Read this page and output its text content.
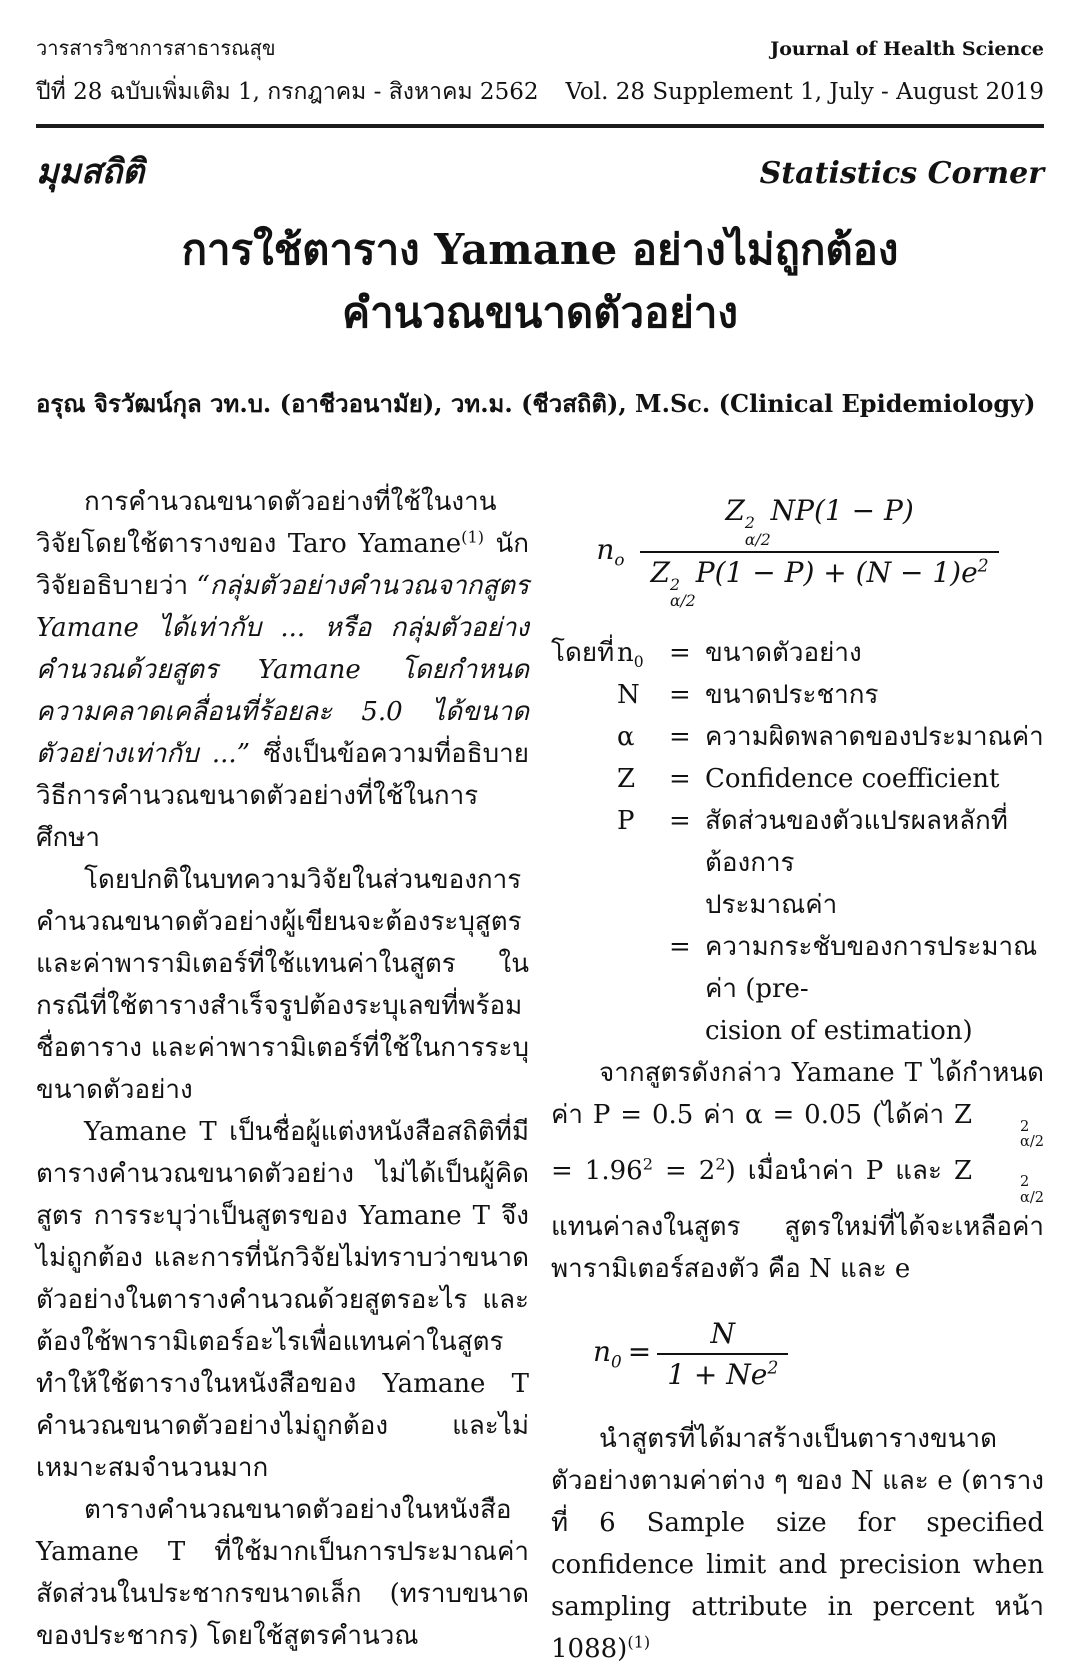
วารสารวิชาการสาธารณสุข	Journal of Health Science
ปีที่ 28 ฉบับเพิ่มเติม 1, กรกฎาคม - สิงหาคม 2562 Vol. 28 Supplement 1, July - August 2019
มุมสถิติ	Statistics Corner
การใช้ตาราง Yamane อย่างไม่ถูกต้อง
คำนวณขนาดตัวอย่าง
อรุณ จิรวัฒน์กุล วท.บ. (อาชีวอนามัย), วท.ม. (ชีวสถิติ), M.Sc. (Clinical Epidemiology)

การคำนวณขนาดตัวอย่างที่ใช้ในงานวิจัยโดยใช้ตารางของ Taro Yamane$^{(1)}$ นักวิจัยอธิบายว่า “กลุ่มตัวอย่างคำนวณจากสูตร Yamane ได้เท่ากับ ... หรือ กลุ่มตัวอย่างคำนวณด้วยสูตร Yamane โดยกำหนดความคลาดเคลื่อนที่ร้อยละ 5.0 ได้ขนาดตัวอย่างเท่ากับ ...” ซึ่งเป็นข้อความที่อธิบายวิธีการคำนวณขนาดตัวอย่างที่ใช้ในการศึกษา

โดยปกติในบทความวิจัยในส่วนของการคำนวณขนาดตัวอย่างผู้เขียนจะต้องระบุสูตร และค่าพารามิเตอร์ที่ใช้แทนค่าในสูตร ในกรณีที่ใช้ตารางสำเร็จรูปต้องระบุเลขที่พร้อมชื่อตาราง และค่าพารามิเตอร์ที่ใช้ในการระบุขนาดตัวอย่าง

Yamane T เป็นชื่อผู้แต่งหนังสือสถิติที่มีตารางคำนวณขนาดตัวอย่าง ไม่ได้เป็นผู้คิดสูตร การระบุว่าเป็นสูตรของ Yamane T จึงไม่ถูกต้อง และการที่นักวิจัยไม่ทราบว่าขนาดตัวอย่างในตารางคำนวณด้วยสูตรอะไร และต้องใช้พารามิเตอร์อะไรเพื่อแทนค่าในสูตร ทำให้ใช้ตารางในหนังสือของ Yamane T คำนวณขนาดตัวอย่างไม่ถูกต้อง และไม่เหมาะสมจำนวนมาก

ตารางคำนวณขนาดตัวอย่างในหนังสือ Yamane T ที่ใช้มากเป็นการประมาณค่าสัดส่วนในประชากรขนาดเล็ก (ทราบขนาดของประชากร) โดยใช้สูตรคำนวณ

$n_o$ Z 2
α/2
NP(1 − P)
Z 2
α/2
$P(1 - P) + (N - 1)e^2$
โดยที่ $n_0$ = ขนาดตัวอย่าง
N	= ขนาดประชากร
α	= ความผิดพลาดของประมาณค่า
Z	= Confidence coefficient
P	= สัดส่วนของตัวแปรผลหลักที่ต้องการ
ประมาณค่า
= ความกระชับของการประมาณค่า (pre-
cision of estimation)

จากสูตรดังกล่าว Yamane T ได้กำหนดค่า P = 0.5 ค่า α = 0.05 (ได้ค่า Z	2
α/2
= $1.96^2 = 2^2$) เมื่อนำค่า P และ Z	2
α/2
แทนค่าลงในสูตร สูตรใหม่ที่ได้จะเหลือค่าพารามิเตอร์สองตัว คือ N และ e

$n_0 = \frac{N}{1 + Ne^2}$

นำสูตรที่ได้มาสร้างเป็นตารางขนาดตัวอย่างตามค่าต่าง ๆ ของ N และ e (ตารางที่ 6 Sample size for specified confidence limit and precision when sampling attribute in percent หน้า 1088)$^{(1)}$
